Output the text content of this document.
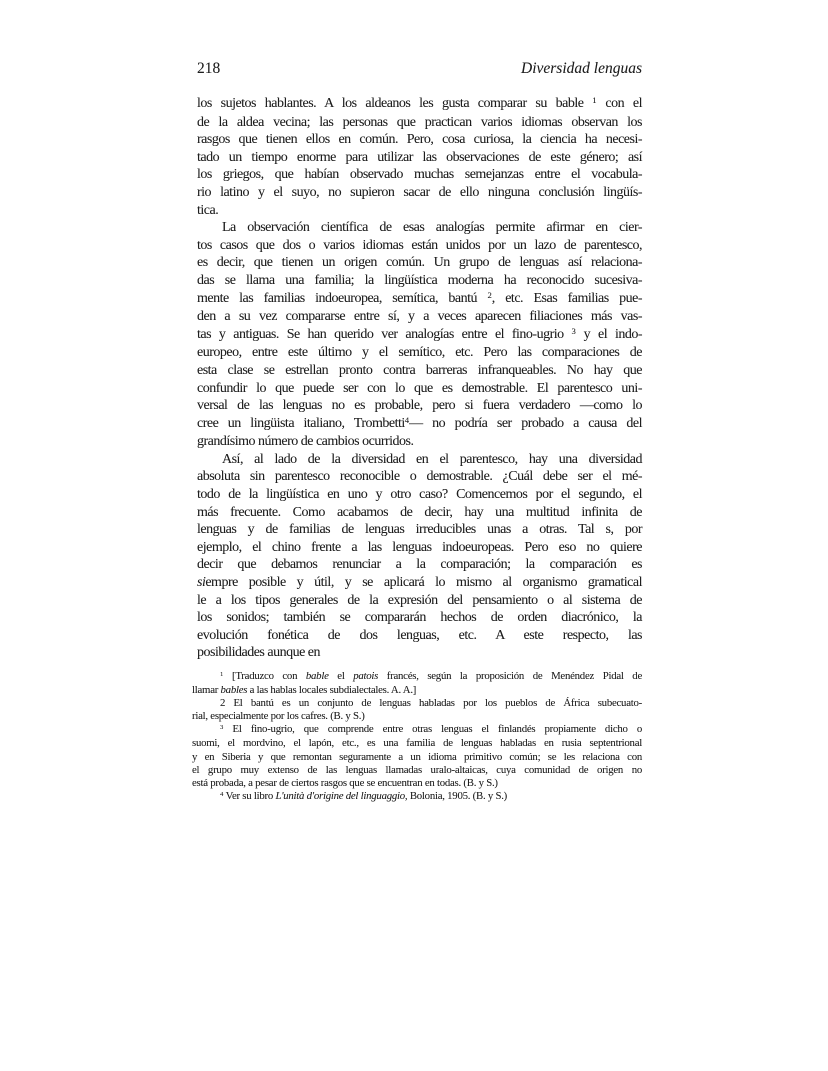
218	Diversidad lenguas
los sujetos hablantes. A los aldeanos les gusta comparar su bable $^1$ con el
de la aldea vecina; las personas que practican varios idiomas observan los
rasgos que tienen ellos en común. Pero, cosa curiosa, la ciencia ha necesi-
tado un tiempo enorme para utilizar las observaciones de este género; así
los griegos, que habían observado muchas semejanzas entre el vocabula-
rio latino y el suyo, no supieron sacar de ello ninguna conclusión lingüís-
tica.
La observación científica de esas analogías permite afirmar en cier-
tos casos que dos o varios idiomas están unidos por un lazo de parentesco,
es decir, que tienen un origen común. Un grupo de lenguas así relaciona-
das se llama una familia; la lingüística moderna ha reconocido sucesiva-
mente las familias indoeuropea, semítica, bantú $^2$, etc. Esas familias pue-
den a su vez compararse entre sí, y a veces aparecen filiaciones más vas-
tas y antiguas. Se han querido ver analogías entre el fino-ugrio $^3$ y el indo-
europeo, entre este último y el semítico, etc. Pero las comparaciones de
esta clase se estrellan pronto contra barreras infranqueables. No hay que
confundir lo que puede ser con lo que es demostrable. El parentesco uni-
versal de las lenguas no es probable, pero si fuera verdadero —como lo
cree un lingüista italiano, Trombetti$^4$— no podría ser probado a causa del
grandísimo número de cambios ocurridos.
Así, al lado de la diversidad en el parentesco, hay una diversidad
absoluta sin parentesco reconocible o demostrable. ¿Cuál debe ser el mé-
todo de la lingüística en uno y otro caso? Comencemos por el segundo, el
más frecuente. Como acabamos de decir, hay una multitud infinita de
lenguas y de familias de lenguas irreducibles unas a otras. Tal s, por
ejemplo, el chino frente a las lenguas indoeuropeas. Pero eso no quiere
decir que debamos renunciar a la comparación; la comparación es
siempre posible y útil, y se aplicará lo mismo al organismo gramatical
le a los tipos generales de la expresión del pensamiento o al sistema de
los sonidos; también se compararán hechos de orden diacrónico, la
evolución fonética de dos lenguas, etc. A este respecto, las
posibilidades aunque en
$^1$ [Traduzco con bable el patois francés, según la proposición de Menéndez Pidal de
llamar bables a las hablas locales subdialectales. A. A.]
2 El bantú es un conjunto de lenguas habladas por los pueblos de África subecuato-
rial, especialmente por los cafres. (B. y S.)
$^3$ El fino-ugrio, que comprende entre otras lenguas el finlandés propiamente dicho o
suomi, el mordvino, el lapón, etc., es una familia de lenguas habladas en rusia septentrional
y en Siberia y que remontan seguramente a un idioma primitivo común; se les relaciona con
el grupo muy extenso de las lenguas llamadas uralo-altaicas, cuya comunidad de origen no
está probada, a pesar de ciertos rasgos que se encuentran en todas. (B. y S.)
$^4$ Ver su libro L'unità d'origine del linguaggio, Bolonia, 1905. (B. y S.)
